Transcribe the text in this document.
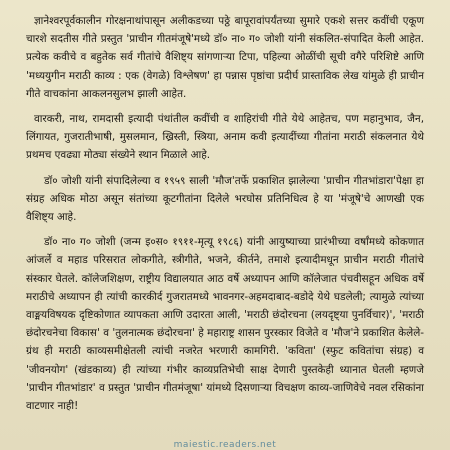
ज्ञानेश्वरपूर्वकालीन गोरक्षनाथांपासून अलीकडच्या पठ्ठे बापूरावांपर्यंतच्या सुमारे एकशे सत्तर कवींची एकूण चारशे सदतीस गीते प्रस्तुत 'प्राचीन गीतमंजूषे'मध्ये डॉ० ना० ग० जोशी यांनी संकलित-संपादित केली आहेत. प्रत्येक कवीचे व बहुतेक सर्व गीतांचे वैशिष्ट्य सांगणाऱ्या टिपा, पहिल्या ओळींची सूची वगैरे परिशिष्टे आणि 'मध्ययुगीन मराठी काव्य : एक (वेगळे) विश्लेषण' हा पन्नास पृष्ठांचा प्रदीर्घ प्रास्ताविक लेख यांमुळे ही प्राचीन गीते वाचकांना आकलनसुलभ झाली आहेत.

वारकरी, नाथ, रामदासी इत्यादी पंथांतील कवींची व शाहिरांची गीते येथे आहेतच, पण महानुभाव, जैन, लिंगायत, गुजरातीभाषी, मुसलमान, ख्रिस्ती, स्त्रिया, अनाम कवी इत्यादींच्या गीतांना मराठी संकलनात येथे प्रथमच एवढ्या मोठ्या संख्येने स्थान मिळाले आहे.

डॉ० जोशी यांनी संपादिलेल्या व १९५९ साली 'मौज'तर्फे प्रकाशित झालेल्या 'प्राचीन गीतभांडारा'पेक्षा हा संग्रह अधिक मोठा असून संतांच्या कूटगीतांना दिलेले भरघोस प्रतिनिधित्व हे या 'मंजूषे'चे आणखी एक वैशिष्ट्य आहे.

डॉ० ना० ग० जोशी (जन्म इ०स० १९११-मृत्यू १९८६) यांनी आयुष्याच्या प्रारंभीच्या वर्षांमध्ये कोकणात आंजर्ले व महाड परिसरात लोकगीते, स्त्रीगीते, भजने, कीर्तने, तमाशे इत्यादीमधून प्राचीन मराठी गीतांचे संस्कार घेतले. कॉलेजशिक्षण, राष्ट्रीय विद्यालयात आठ वर्षे अध्यापन आणि कॉलेजात पंचवीसहून अधिक वर्षे मराठीचे अध्यापन ही त्यांची कारकीर्द गुजरातमध्ये भावनगर-अहमदाबाद-बडोदे येथे घडलेली; त्यामुळे त्यांच्या वाङ्मयविषयक दृष्टिकोणात व्यापकता आणि उदारता आली, 'मराठी छंदोरचना (लयदृष्ट्या पुनर्विचार)', 'मराठी छंदोरचनेचा विकास' व 'तुलनात्मक छंदोरचना' हे महाराष्ट्र शासन पुरस्कार विजेते व 'मौज'ने प्रकाशित केलेले-ग्रंथ ही मराठी काव्यसमीक्षेतली त्यांची नजरेत भरणारी कामगिरी. 'कविता' (स्फुट कवितांचा संग्रह) व 'जीवनयोग' (खंडकाव्य) ही त्यांच्या गंभीर काव्यप्रतिभेची साक्ष देणारी पुस्तकेही ध्यानात घेतली म्हणजे 'प्राचीन गीतभांडार' व प्रस्तुत 'प्राचीन गीतमंजूषा' यांमध्ये दिसणाऱ्या विचक्षण काव्य-जाणिवेचे नवल रसिकांना वाटणार नाही!

maiestic.readers.net
